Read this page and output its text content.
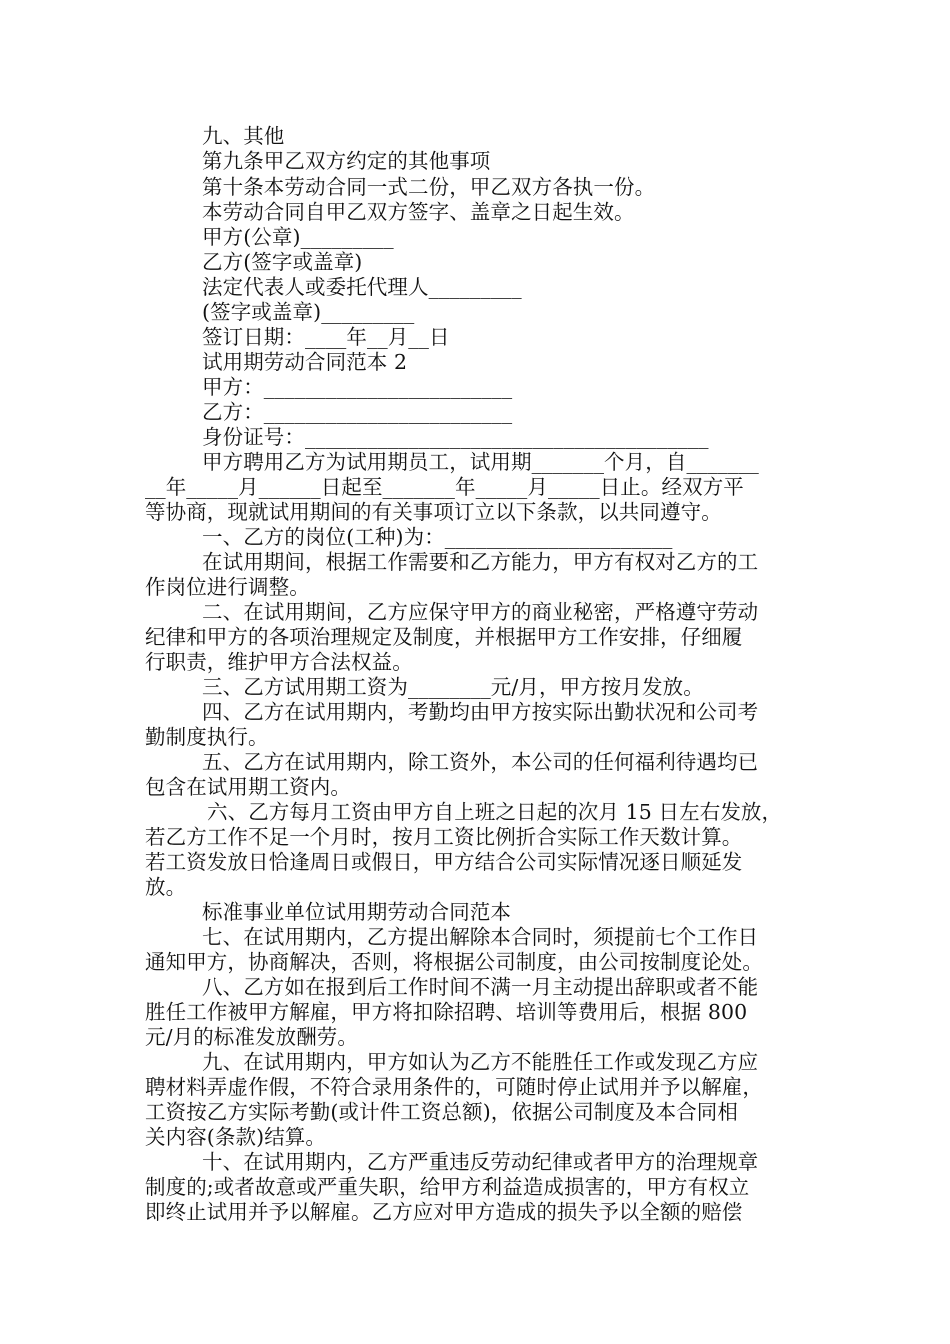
九、其他
第九条甲乙双方约定的其他事项
第十条本劳动合同一式二份，甲乙双方各执一份。
本劳动合同自甲乙双方签字、盖章之日起生效。
甲方(公章)_________
乙方(签字或盖章)
法定代表人或委托代理人_________
(签字或盖章)_________
签订日期：____年__月__日
试用期劳动合同范本 2
甲方：________________________
乙方：________________________
身份证号：_______________________________________
甲方聘用乙方为试用期员工，试用期_______个月，自_______
__年_____月______日起至_______年_____月_____日止。经双方平
等协商，现就试用期间的有关事项订立以下条款，以共同遵守。
一、乙方的岗位(工种)为：______________________
在试用期间，根据工作需要和乙方能力，甲方有权对乙方的工
作岗位进行调整。
二、在试用期间，乙方应保守甲方的商业秘密，严格遵守劳动
纪律和甲方的各项治理规定及制度，并根据甲方工作安排，仔细履
行职责，维护甲方合法权益。
三、乙方试用期工资为________元/月，甲方按月发放。
四、乙方在试用期内，考勤均由甲方按实际出勤状况和公司考
勤制度执行。
五、乙方在试用期内，除工资外，本公司的任何福利待遇均已
包含在试用期工资内。
六、乙方每月工资由甲方自上班之日起的次月 15 日左右发放，
若乙方工作不足一个月时，按月工资比例折合实际工作天数计算。
若工资发放日恰逢周日或假日，甲方结合公司实际情况逐日顺延发
放。
标准事业单位试用期劳动合同范本
七、在试用期内，乙方提出解除本合同时，须提前七个工作日
通知甲方，协商解决，否则，将根据公司制度，由公司按制度论处。
八、乙方如在报到后工作时间不满一月主动提出辞职或者不能
胜任工作被甲方解雇，甲方将扣除招聘、培训等费用后，根据 800
元/月的标准发放酬劳。
九、在试用期内，甲方如认为乙方不能胜任工作或发现乙方应
聘材料弄虚作假，不符合录用条件的，可随时停止试用并予以解雇，
工资按乙方实际考勤(或计件工资总额)，依据公司制度及本合同相
关内容(条款)结算。
十、在试用期内，乙方严重违反劳动纪律或者甲方的治理规章
制度的;或者故意或严重失职，给甲方利益造成损害的，甲方有权立
即终止试用并予以解雇。乙方应对甲方造成的损失予以全额的赔偿
